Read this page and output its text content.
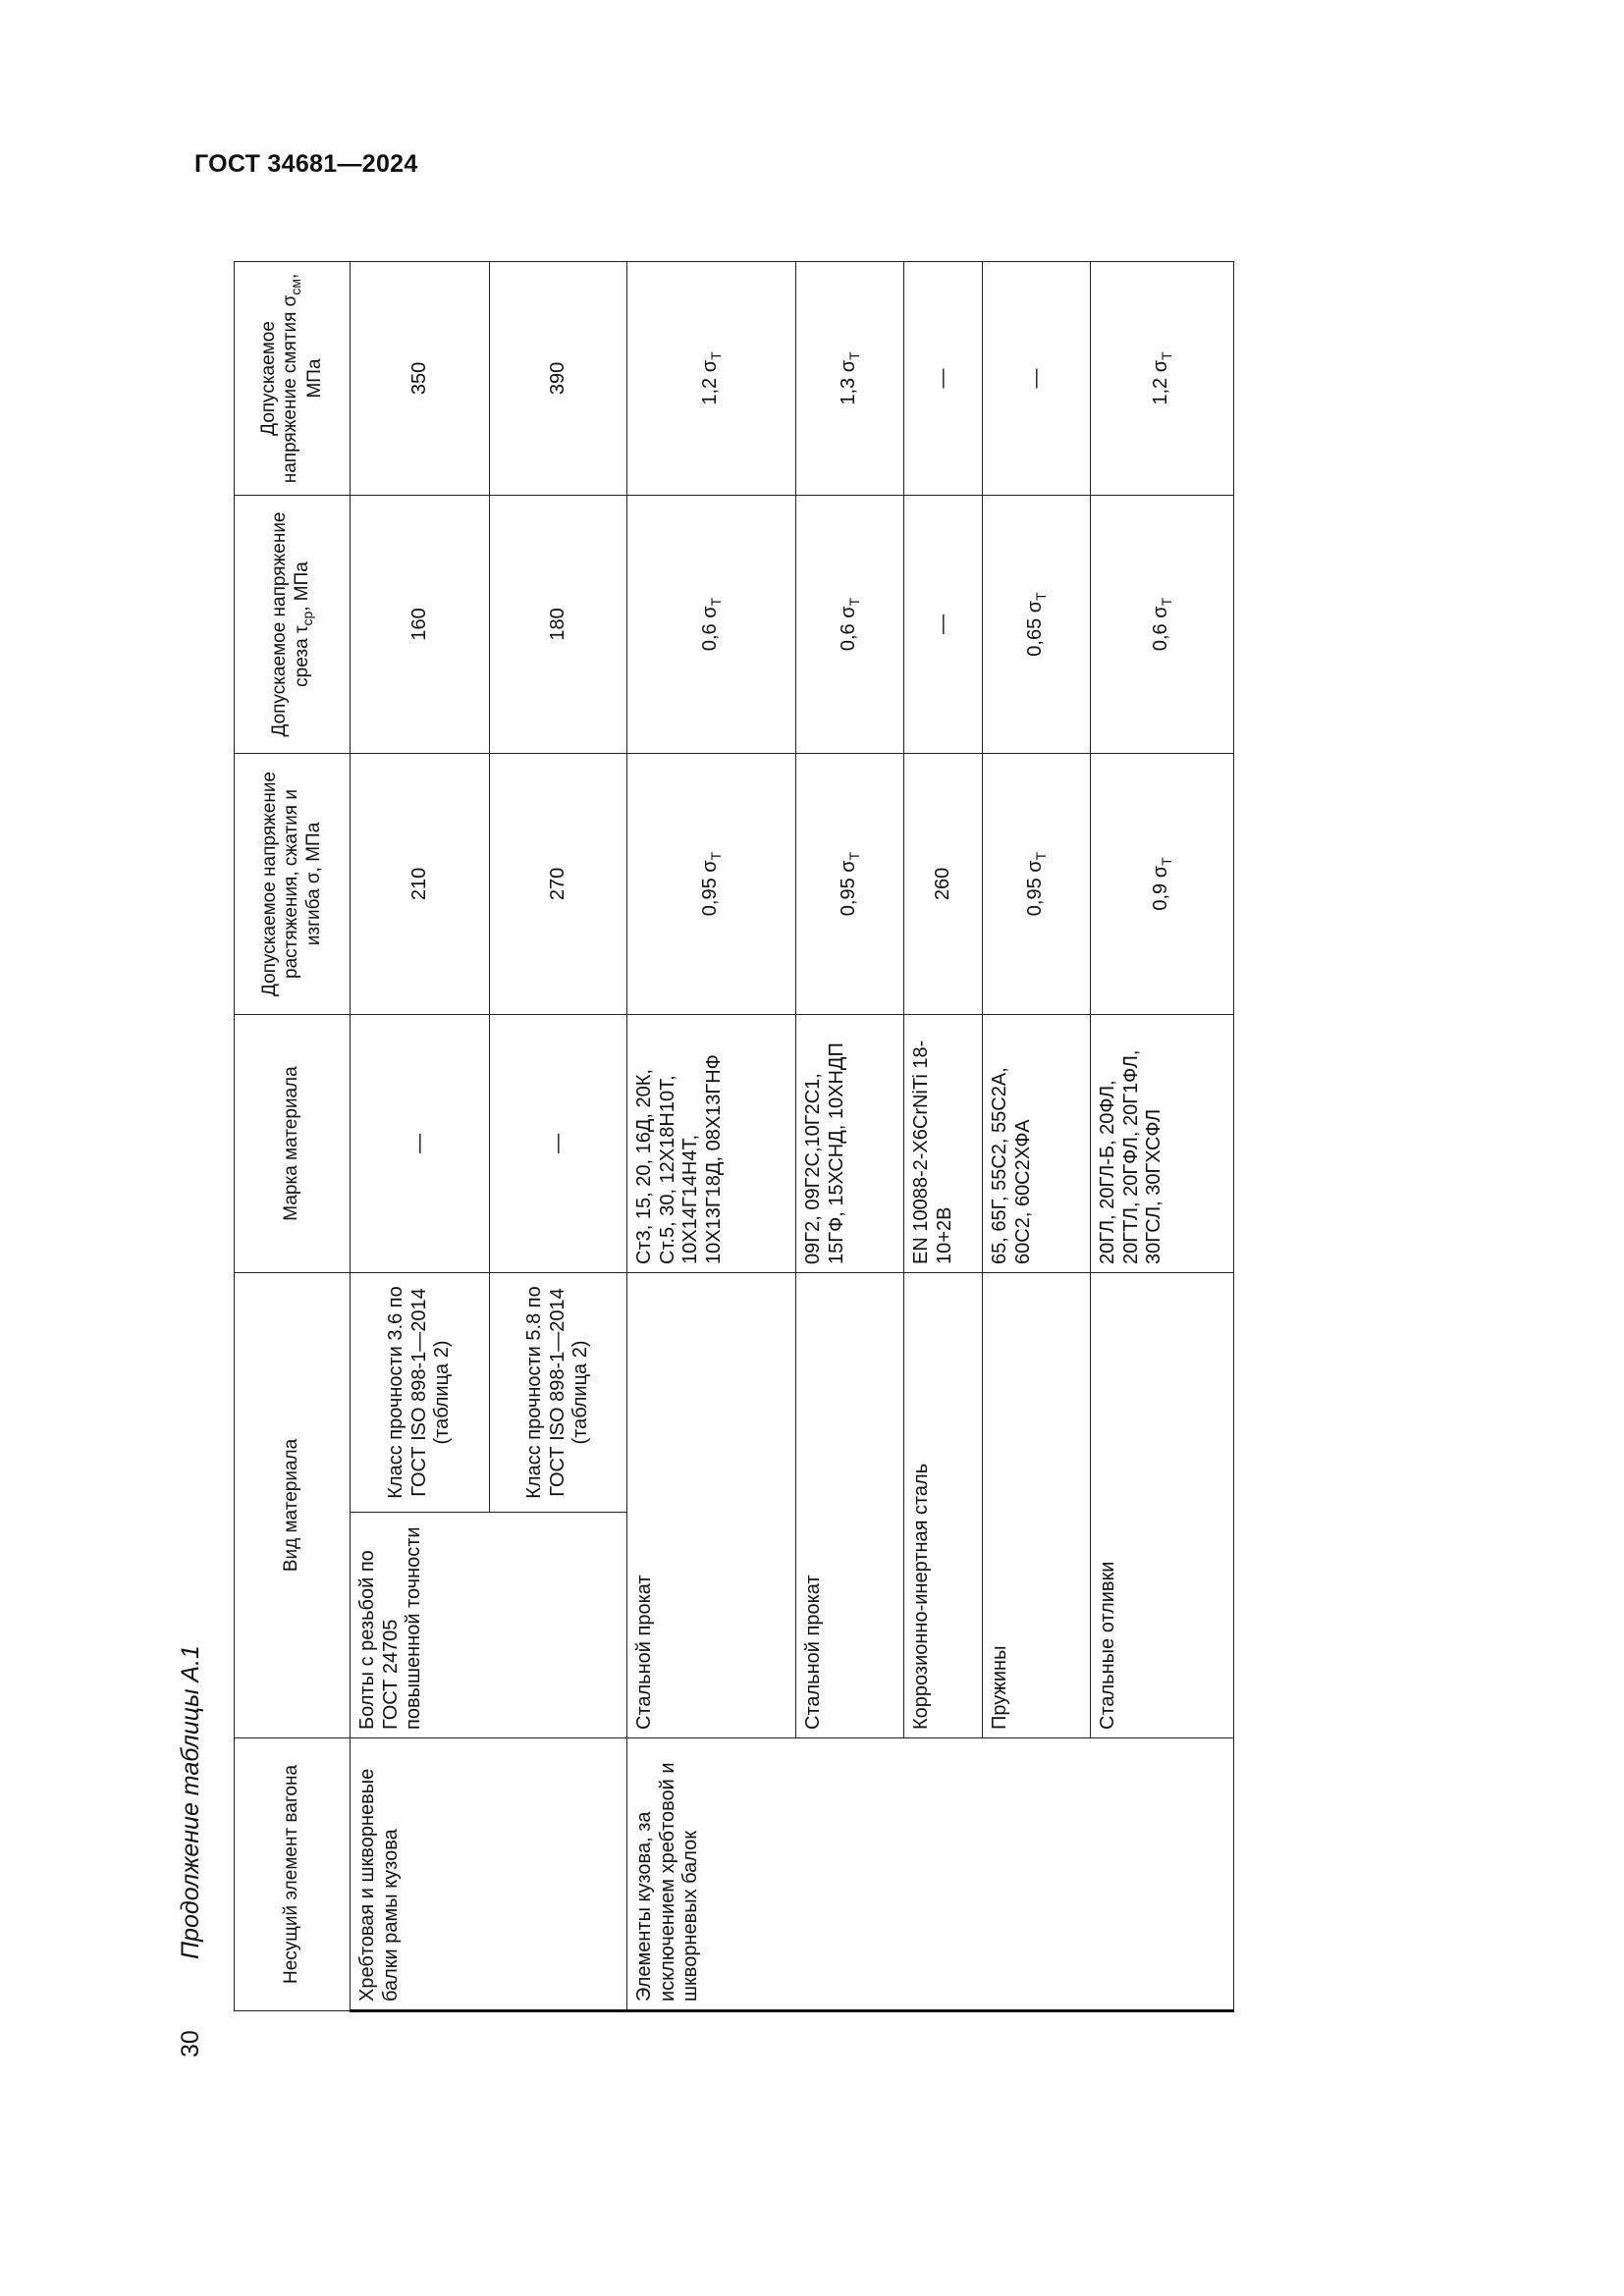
ГОСТ 34681—2024
30
Продолжение таблицы А.1	Несущий элемент вагона	Вид материала		Марка материала	Допускаемое напряжение растяжения, сжатия и изгиба σ, МПа	Допускаемое напряжение среза $\tau_{ср}$, МПа	Допускаемое напряжение смятия $\sigma_{см}$, МПа
Хребтовая и шкворневые балки рамы кузова	Болты с резьбой по ГОСТ 24705 повышенной точности	Класс прочности 3.6 по ГОСТ ISO 898-1—2014 (таблица 2)	—	210	160	350
		Класс прочности 5.8 по ГОСТ ISO 898-1—2014 (таблица 2)	—	270	180	390
Элементы кузова, за исключением хребтовой и шкворневых балок	Стальной прокат		Ст3, 15, 20, 16Д, 20К, Ст.5, 30, 12Х18Н10Т, 10Х14Г14Н4Т, 10Х13Г18Д, 08Х13ГНФ	0,95 $\sigma_Т$	0,6 $\sigma_Т$	1,2 $\sigma_Т$
	Стальной прокат		09Г2, 09Г2С,10Г2С1, 15ГФ, 15ХСНД, 10ХНДП	0,95 $\sigma_Т$	0,6 $\sigma_Т$	1,3 $\sigma_Т$
	Коррозионно-инертная сталь		EN 10088-2-X6CrNiTi 18-10+2B	260	—	—
	Пружины		65, 65Г, 55С2, 55С2А, 60С2, 60С2ХФА	0,95 $\sigma_Т$	0,65 $\sigma_Т$	—
	Стальные отливки		20ГЛ, 20ГЛ-Б, 20ФЛ, 20ГТЛ, 20ГФЛ, 20Г1ФЛ, 30ГСЛ, 30ГХСФЛ	0,9 $\sigma_Т$	0,6 $\sigma_Т$	1,2 $\sigma_Т$
